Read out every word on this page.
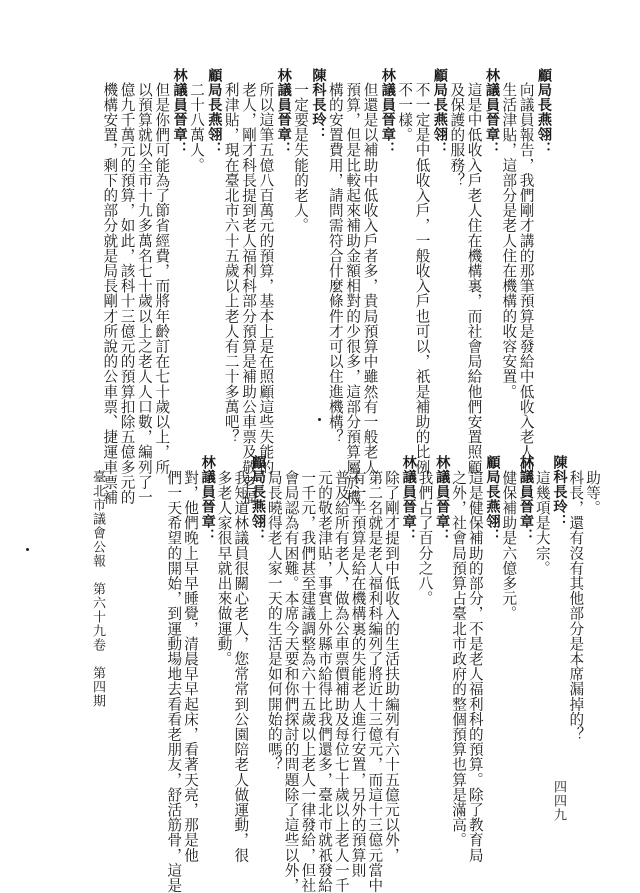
助等。
科長，還有沒有其他部分是本席漏掉的？
陳科長玲：
這幾項是大宗。
林議員晉章：
健保補助是六億多元。
顧局長燕翎：
這是健保補助的部分，不是老人福利科的預算。除了教育局
之外，社會局預算占臺北市政府的整個預算也算是滿高。
林議員晉章：
我們占了百分之八。
林議員晉章：
除了剛才提到中低收入的生活扶助編列有六十五億元以外，
第二名就是老人福利科編列了將近十三億元，而這十三億元當中
有一半預算是給在機構裏的失能老人進行安置，另外的預算則
普及給所有老人，做為公車票價補助及每位七十歲以上老人一千
元的敬老津貼，事實上外縣市給得比我們還多，臺北市就祇發給
一千元，我們甚至建議調整為六十五歲以上老人一律發給，但社
會局認為有困難。本席今天要和你們探討的問題除了這些以外，
局長曉得老人家一天的生活是如何開始的嗎？
顧局長燕翎：
我知道林議員很關心老人，您常常到公園陪老人做運動，很
多老人家很早就出來做運動。
林議員晉章：
對，他們晚上早早睡覺，清晨早早起床，看著天亮，那是他
們一天希望的開始，到運動場地去看看老朋友，舒活筋骨，這是
顧局長燕翎：
向議員報告，我們剛才講的那筆預算是發給中低收入老人的
生活津貼，這部分是老人住在機構的收容安置。
林議員晉章：
這是中低收入戶老人住在機構裏，而社會局給他們安置照顧
及保護的服務？
顧局長燕翎：
不一定是中低收入戶，一般收入戶也可以，祇是補助的比例
不一樣。
林議員晉章：
但還是以補助中低收入戶者多，貴局預算中雖然有一般老人
預算，但是比較起來補助金額相對的少很多，這部分預算屬於機
構的安置費用，請問需符合什麼條件才可以住進機構？
陳科長玲：
一定要是失能的老人。
林議員晉章：
所以這筆五億八百萬元的預算，基本上是在照顧這些失能的
老人，剛才科長提到老人福利科部分預算是補助公車票及敬老福
利津貼，現在臺北市六十五歲以上老人有二十多萬吧？
顧局長燕翎：
二十八萬人。
林議員晉章：
但是你們可能為了節省經費，而將年齡訂在七十歲以上，所
以預算就以全市十九多萬名七十歲以上之老人人口數，編列了一
億九千萬元的預算，如此，該科十三億元的預算扣除五億多元的
機構安置，剩下的部分就是局長剛才所說的公車票、捷運車票補
臺北市議會公報　第六十九卷　第四期
四四九
